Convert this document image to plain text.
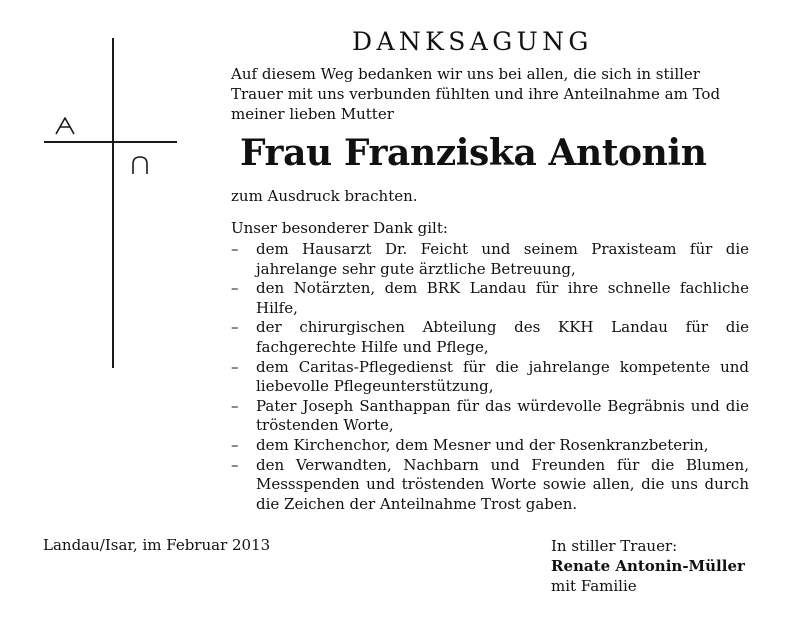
DANKSAGUNG
Auf diesem Weg bedanken wir uns bei allen, die sich in stiller Trauer mit uns verbunden fühlten und ihre Anteilnahme am Tod meiner lieben Mutter
Frau Franziska Antonin
zum Ausdruck brachten.
Unser besonderer Dank gilt:
– dem Hausarzt Dr. Feicht und seinem Praxisteam für die jahrelange sehr gute ärztliche Betreuung,
– den Notärzten, dem BRK Landau für ihre schnelle fachliche Hilfe,
– der chirurgischen Abteilung des KKH Landau für die fachgerechte Hilfe und Pflege,
– dem Caritas-Pflegedienst für die jahrelange kompetente und liebevolle Pflegeunterstützung,
– Pater Joseph Santhappan für das würdevolle Begräbnis und die tröstenden Worte,
– dem Kirchenchor, dem Mesner und der Rosenkranzbeterin,
– den Verwandten, Nachbarn und Freunden für die Blumen, Messspenden und tröstenden Worte sowie allen, die uns durch die Zeichen der Anteilnahme Trost gaben.
Landau/Isar, im Februar 2013	In stiller Trauer:
Renate Antonin-Müller
mit Familie
